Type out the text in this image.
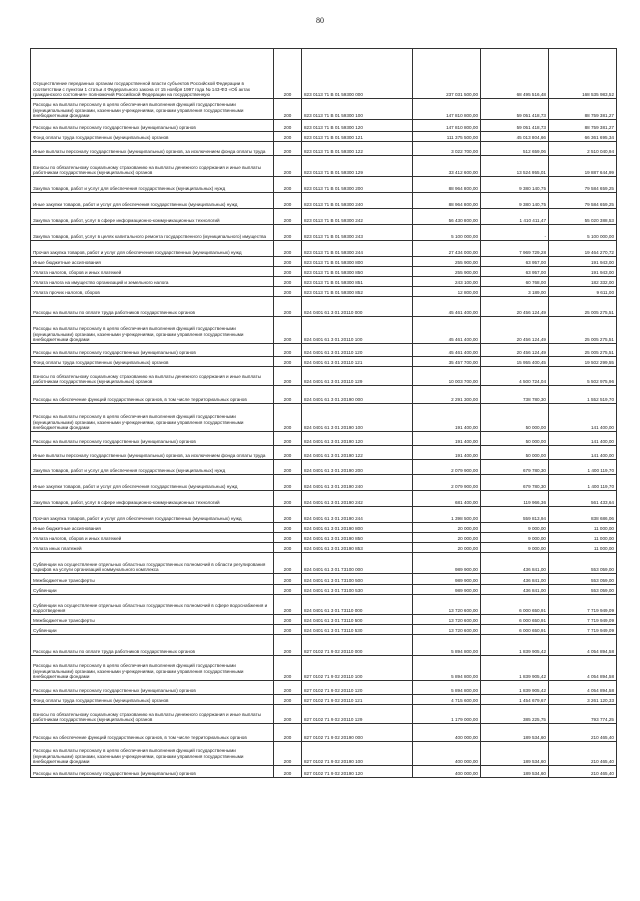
80
Осуществление переданных органам государственной власти субъектов Российской Федерации в соответствии с пунктом 1 статьи 4 Федерального закона от 15 ноября 1997 года № 143-ФЗ «Об актах гражданского состояния» полномочий Российской Федерации на государственную	200	823 0113 71 В 01 59300 000	237 031 500,00	68 495 516,48	168 535 983,52
Расходы на выплаты персоналу в целях обеспечения выполнения функций государственными (муниципальными) органами, казенными учреждениями, органами управления государственными внебюджетными фондами	200	823 0113 71 В 01 59300 100	147 810 800,00	59 051 418,73	88 759 381,27
Расходы на выплаты персоналу государственных (муниципальных) органов	200	823 0113 71 В 01 59300 120	147 810 800,00	59 051 418,73	88 759 381,27
Фонд оплаты труда государственных (муниципальных) органов	200	823 0113 71 В 01 59300 121	111 375 500,00	45 013 804,66	66 361 695,34
Иные выплаты персоналу государственных (муниципальных) органов, за исключением фонда оплаты труда	200	823 0113 71 В 01 59300 122	3 022 700,00	512 659,06	2 510 040,94
Взносы по обязательному социальному страхованию на выплаты денежного содержания и иные выплаты работникам государственных (муниципальных) органов	200	823 0113 71 В 01 59300 129	33 412 600,00	13 524 955,01	19 887 644,99
Закупка товаров, работ и услуг для обеспечения государственных (муниципальных) нужд	200	823 0113 71 В 01 59300 200	88 964 800,00	9 380 140,75	79 584 659,25
Иные закупки товаров, работ и услуг для обеспечения государственных (муниципальных) нужд	200	823 0113 71 В 01 59300 240	88 964 800,00	9 380 140,75	79 584 659,25
Закупка товаров, работ, услуг в сфере информационно-коммуникационных технологий	200	823 0113 71 В 01 59300 242	56 430 800,00	1 410 411,47	55 020 388,53
Закупка товаров, работ, услуг в целях капитального ремонта государственного (муниципального) имущества	200	823 0113 71 В 01 59300 243	5 100 000,00	-	5 100 000,00
Прочая закупка товаров, работ и услуг для обеспечения государственных (муниципальных) нужд	200	823 0113 71 В 01 59300 244	27 434 000,00	7 969 729,28	19 464 270,72
Иные бюджетные ассигнования	200	823 0113 71 В 01 59300 800	255 900,00	63 957,00	191 943,00
Уплата налогов, сборов и иных платежей	200	823 0113 71 В 01 59300 850	255 900,00	63 957,00	191 943,00
Уплата налога на имущество организаций и земельного налога	200	823 0113 71 В 01 59300 851	243 100,00	60 768,00	182 332,00
Уплата прочих налогов, сборов	200	823 0113 71 В 01 59300 852	12 800,00	3 189,00	9 611,00
Расходы на выплаты по оплате труда работников государственных органов	200	824 0401 61 3 01 20110 000	45 461 400,00	20 456 124,49	25 005 275,51
Расходы на выплаты персоналу в целях обеспечения выполнения функций государственными (муниципальными) органами, казенными учреждениями, органами управления государственными внебюджетными фондами	200	824 0401 61 3 01 20110 100	45 461 400,00	20 456 124,49	25 005 275,51
Расходы на выплаты персоналу государственных (муниципальных) органов	200	824 0401 61 3 01 20110 120	45 461 400,00	20 456 124,49	25 005 275,51
Фонд оплаты труда государственных (муниципальных) органов	200	824 0401 61 3 01 20110 121	35 457 700,00	15 955 400,45	19 502 299,55
Взносы по обязательному социальному страхованию на выплаты денежного содержания и иные выплаты работникам государственных (муниципальных) органов	200	824 0401 61 3 01 20110 129	10 003 700,00	4 500 724,04	5 502 975,96
Расходы на обеспечение функций государственных органов, в том числе территориальных органов	200	824 0401 61 3 01 20190 000	2 291 300,00	738 780,30	1 552 519,70
Расходы на выплаты персоналу в целях обеспечения выполнения функций государственными (муниципальными) органами, казенными учреждениями, органами управления государственными внебюджетными фондами	200	824 0401 61 3 01 20190 100	191 400,00	50 000,00	141 400,00
Расходы на выплаты персоналу государственных (муниципальных) органов	200	824 0401 61 3 01 20190 120	191 400,00	50 000,00	141 400,00
Иные выплаты персоналу государственных (муниципальных) органов, за исключением фонда оплаты труда	200	824 0401 61 3 01 20190 122	191 400,00	50 000,00	141 400,00
Закупка товаров, работ и услуг для обеспечения государственных (муниципальных) нужд	200	824 0401 61 3 01 20190 200	2 079 900,00	679 780,30	1 400 119,70
Иные закупки товаров, работ и услуг для обеспечения государственных (муниципальных) нужд	200	824 0401 61 3 01 20190 240	2 079 900,00	679 780,30	1 400 119,70
Закупка товаров, работ, услуг в сфере информационно-коммуникационных технологий	200	824 0401 61 3 01 20190 242	681 400,00	119 966,36	561 433,64
Прочая закупка товаров, работ и услуг для обеспечения государственных (муниципальных) нужд	200	824 0401 61 3 01 20190 244	1 398 500,00	559 813,94	838 686,06
Иные бюджетные ассигнования	200	824 0401 61 3 01 20190 800	20 000,00	9 000,00	11 000,00
Уплата налогов, сборов и иных платежей	200	824 0401 61 3 01 20190 850	20 000,00	9 000,00	11 000,00
Уплата иных платежей	200	824 0401 61 3 01 20190 853	20 000,00	9 000,00	11 000,00
Субвенции на осуществление отдельных областных государственных полномочий в области регулирования тарифов на услуги организаций коммунального комплекса	200	824 0401 61 3 01 73100 000	989 900,00	436 841,00	553 059,00
Межбюджетные трансферты	200	824 0401 61 3 01 73100 500	989 900,00	436 841,00	553 059,00
Субвенции	200	824 0401 61 3 01 73100 530	989 900,00	436 841,00	553 059,00
Субвенции на осуществление отдельных областных государственных полномочий в сфере водоснабжения и водоотведения	200	824 0401 61 3 01 73110 000	13 720 600,00	6 000 650,91	7 719 949,09
Межбюджетные трансферты	200	824 0401 61 3 01 73110 500	13 720 600,00	6 000 650,91	7 719 949,09
Субвенции	200	824 0401 61 3 01 73110 530	13 720 600,00	6 000 650,91	7 719 949,09
Расходы на выплаты по оплате труда работников государственных органов	200	827 0102 71 9 02 20110 000	5 894 800,00	1 839 905,42	4 054 894,58
Расходы на выплаты персоналу в целях обеспечения выполнения функций государственными (муниципальными) органами, казенными учреждениями, органами управления государственными внебюджетными фондами	200	827 0102 71 9 02 20110 100	5 894 800,00	1 839 905,42	4 054 894,58
Расходы на выплаты персоналу государственных (муниципальных) органов	200	827 0102 71 9 02 20110 120	5 894 800,00	1 839 905,42	4 054 894,58
Фонд оплаты труда государственных (муниципальных) органов	200	827 0102 71 9 02 20110 121	4 715 600,00	1 454 679,67	3 261 120,33
Взносы по обязательному социальному страхованию на выплаты денежного содержания и иные выплаты работникам государственных (муниципальных) органов	200	827 0102 71 9 02 20110 129	1 179 000,00	385 225,75	793 774,25
Расходы на обеспечение функций государственных органов, в том числе территориальных органов	200	827 0102 71 9 02 20190 000	400 000,00	189 534,60	210 465,40
Расходы на выплаты персоналу в целях обеспечения выполнения функций государственными (муниципальными) органами, казенными учреждениями, органами управления государственными внебюджетными фондами	200	827 0102 71 9 02 20190 100	400 000,00	189 534,60	210 465,40
Расходы на выплаты персоналу государственных (муниципальных) органов	200	827 0102 71 9 02 20190 120	400 000,00	189 534,60	210 465,40
